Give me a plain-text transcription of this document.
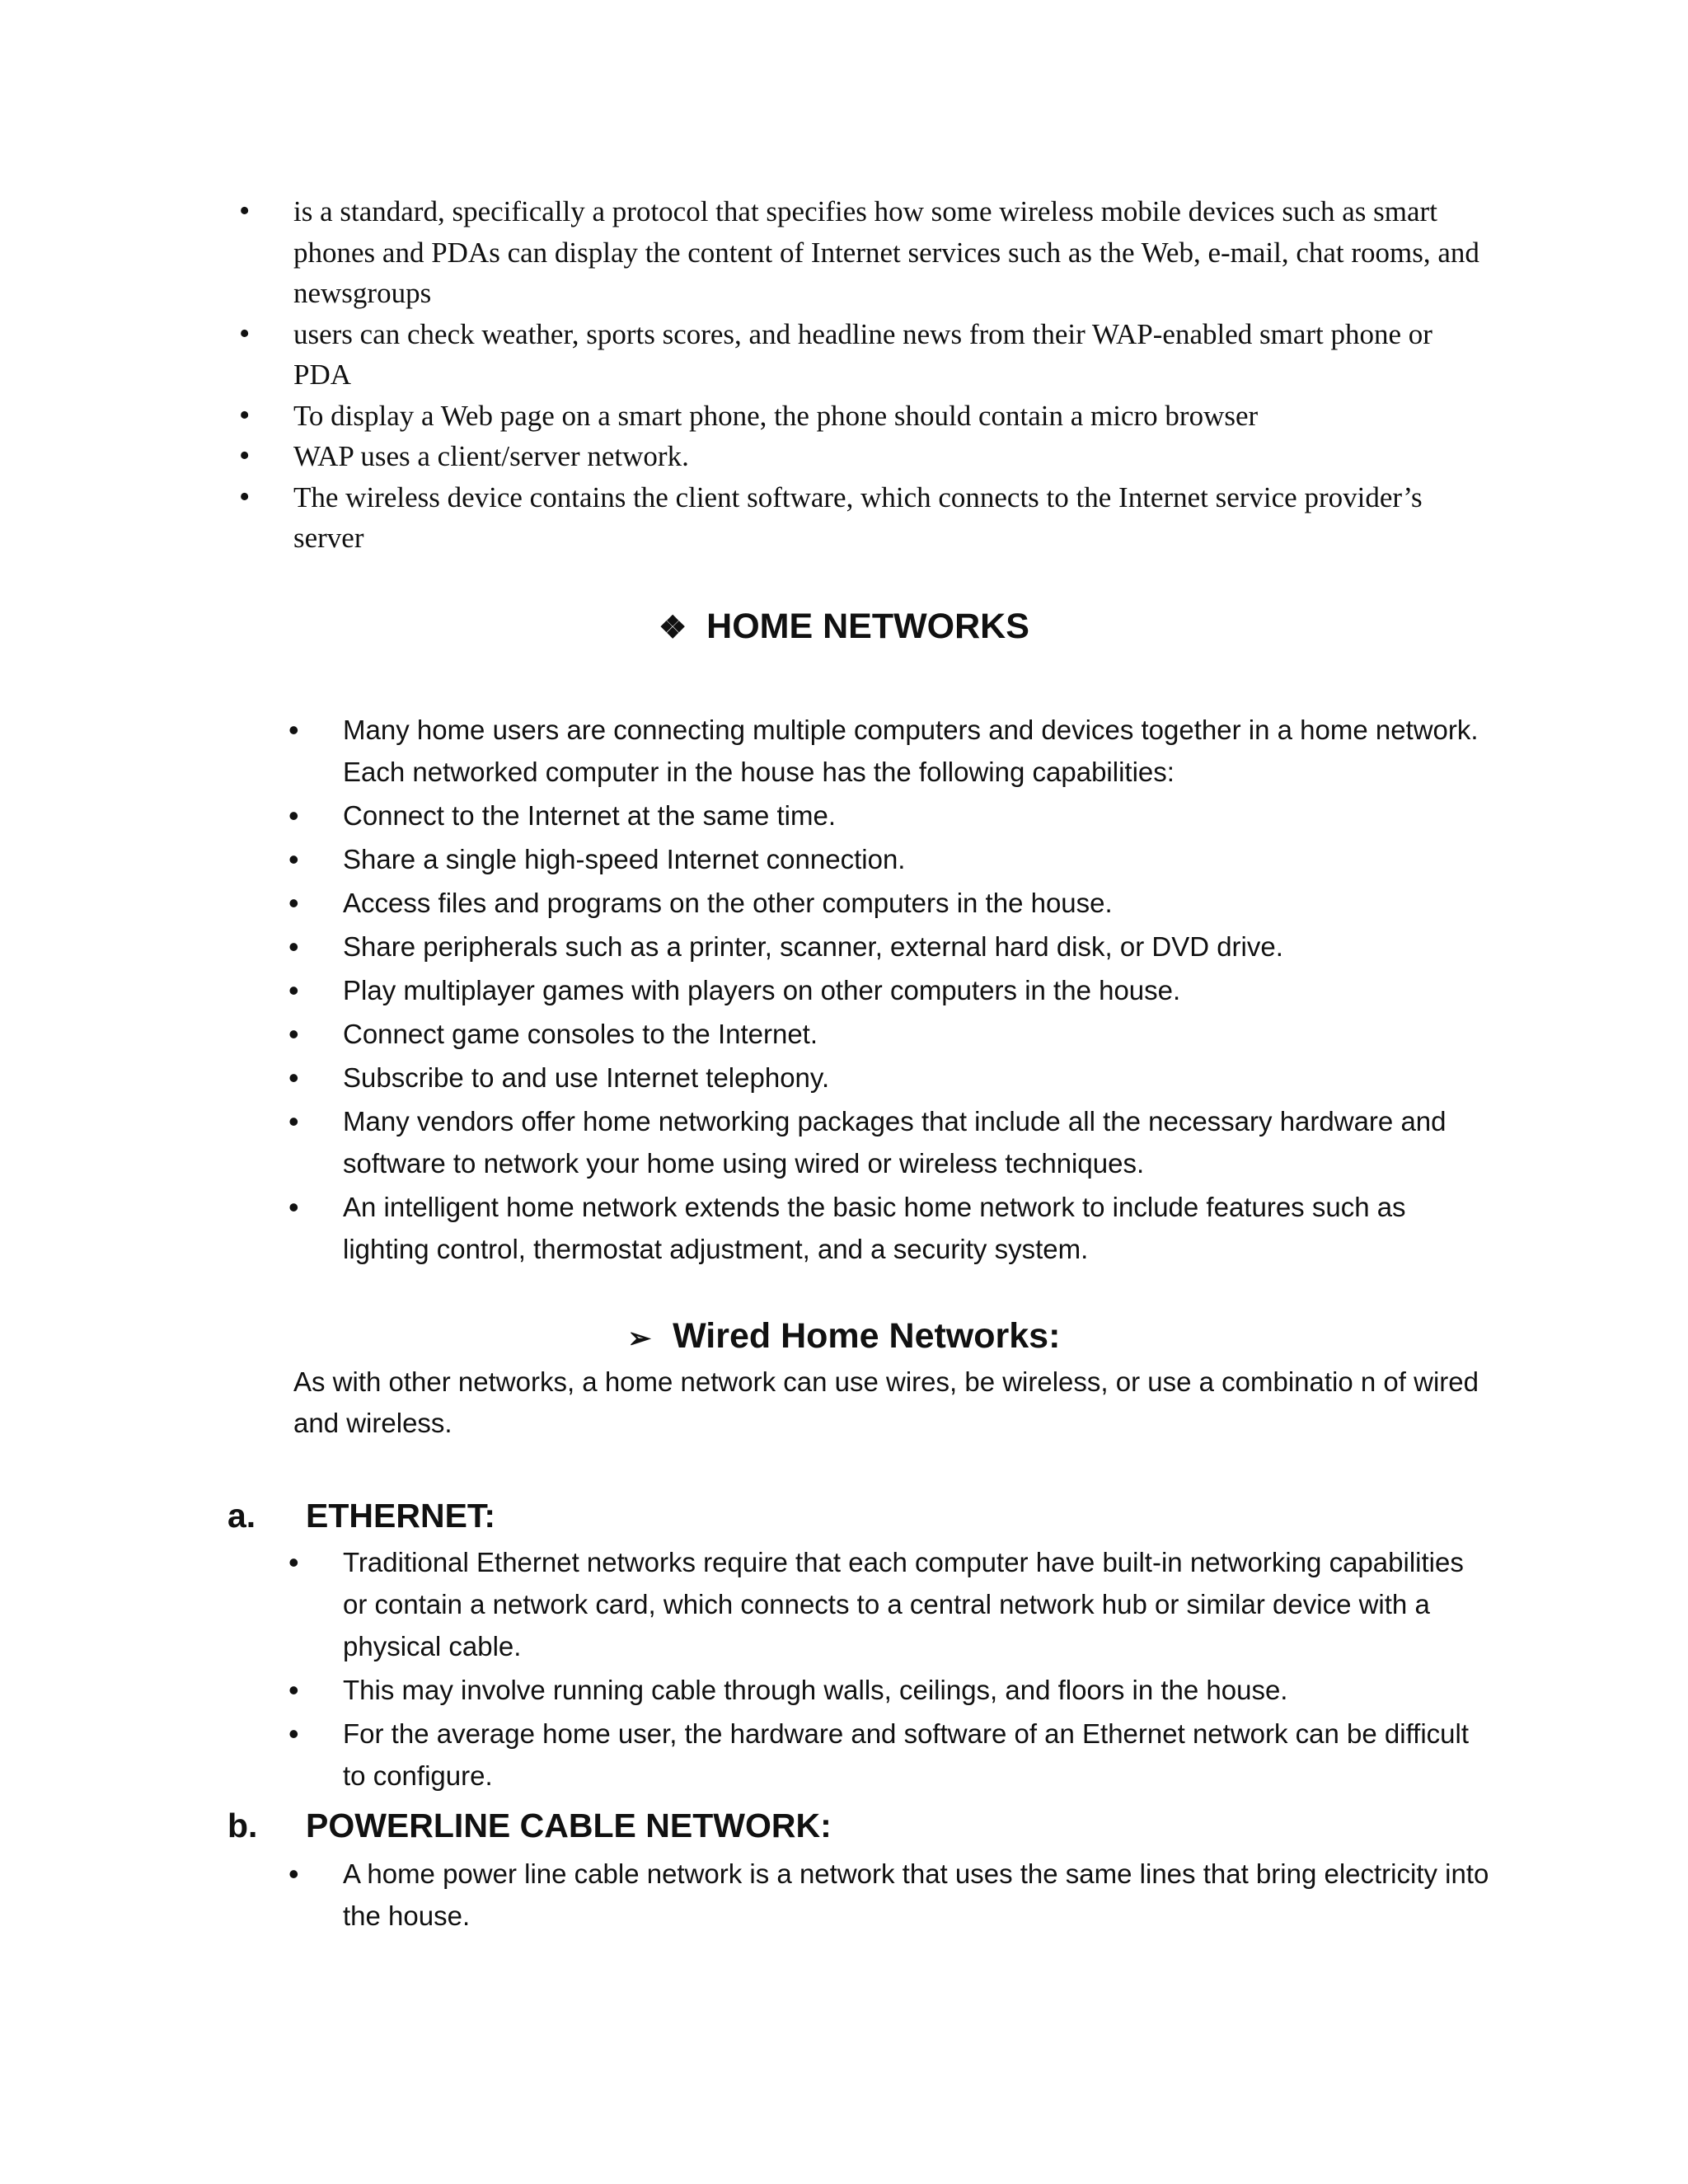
• is a standard, specifically a protocol that specifies how some wireless mobile devices such as smart phones and PDAs can display the content of Internet services such as the Web, e-mail, chat rooms, and newsgroups
• users can check weather, sports scores, and headline news from their WAP-enabled smart phone or PDA
• To display a Web page on a smart phone, the phone should contain a micro browser
• WAP uses a client/server network.
• The wireless device contains the client software, which connects to the Internet service provider’s server
❖ HOME NETWORKS
• Many home users are connecting multiple computers and devices together in a home network. Each networked computer in the house has the following capabilities:
• Connect to the Internet at the same time.
• Share a single high-speed Internet connection.
• Access files and programs on the other computers in the house.
• Share peripherals such as a printer, scanner, external hard disk, or DVD drive.
• Play multiplayer games with players on other computers in the house.
• Connect game consoles to the Internet.
• Subscribe to and use Internet telephony.
• Many vendors offer home networking packages that include all the necessary hardware and software to network your home using wired or wireless techniques.
• An intelligent home network extends the basic home network to include features such as lighting control, thermostat adjustment, and a security system.
➢ Wired Home Networks:

As with other networks, a home network can use wires, be wireless, or use a combinatio n of wired and wireless.

a. ETHERNET:
• Traditional Ethernet networks require that each computer have built-in networking capabilities or contain a network card, which connects to a central network hub or similar device with a physical cable.
• This may involve running cable through walls, ceilings, and floors in the house.
• For the average home user, the hardware and software of an Ethernet network can be difficult to configure.
b. POWERLINE CABLE NETWORK:
• A home power line cable network is a network that uses the same lines that bring electricity into the house.
